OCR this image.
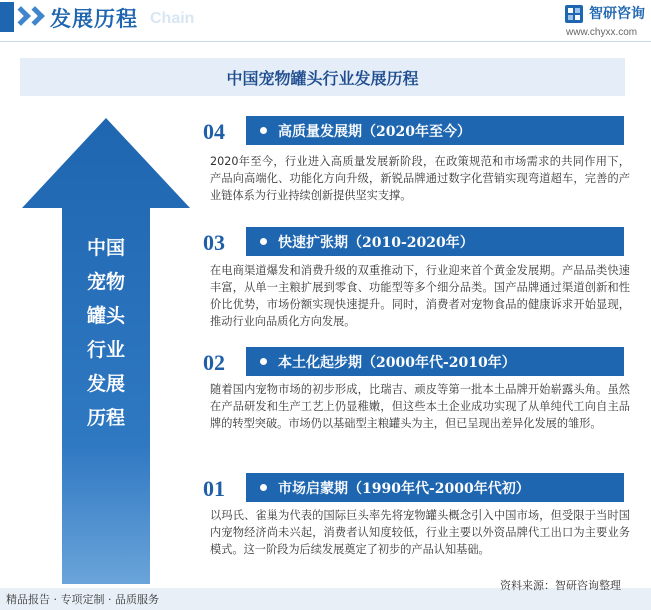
发展历程 Chain	智研咨询
www.chyxx.com
中国宠物罐头行业发展历程
中国
宠物
罐头
行业
发展
历程
04	高质量发展期（2020年至今）
2020年至今，行业进入高质量发展新阶段，在政策规范和市场需求的共同作用下，产品向高端化、功能化方向升级，新锐品牌通过数字化营销实现弯道超车，完善的产业链体系为行业持续创新提供坚实支撑。
03	快速扩张期（2010-2020年）
在电商渠道爆发和消费升级的双重推动下，行业迎来首个黄金发展期。产品品类快速丰富，从单一主粮扩展到零食、功能型等多个细分品类。国产品牌通过渠道创新和性价比优势，市场份额实现快速提升。同时，消费者对宠物食品的健康诉求开始显现，推动行业向品质化方向发展。
02	本土化起步期（2000年代-2010年）
随着国内宠物市场的初步形成，比瑞吉、顽皮等第一批本土品牌开始崭露头角。虽然在产品研发和生产工艺上仍显稚嫩，但这些本土企业成功实现了从单纯代工向自主品牌的转型突破。市场仍以基础型主粮罐头为主，但已呈现出差异化发展的雏形。
01	市场启蒙期（1990年代-2000年代初）
以玛氏、雀巢为代表的国际巨头率先将宠物罐头概念引入中国市场，但受限于当时国内宠物经济尚未兴起，消费者认知度较低，行业主要以外资品牌代工出口为主要业务模式。这一阶段为后续发展奠定了初步的产品认知基础。
精品报告 · 专项定制 · 品质服务
资料来源：智研咨询整理
